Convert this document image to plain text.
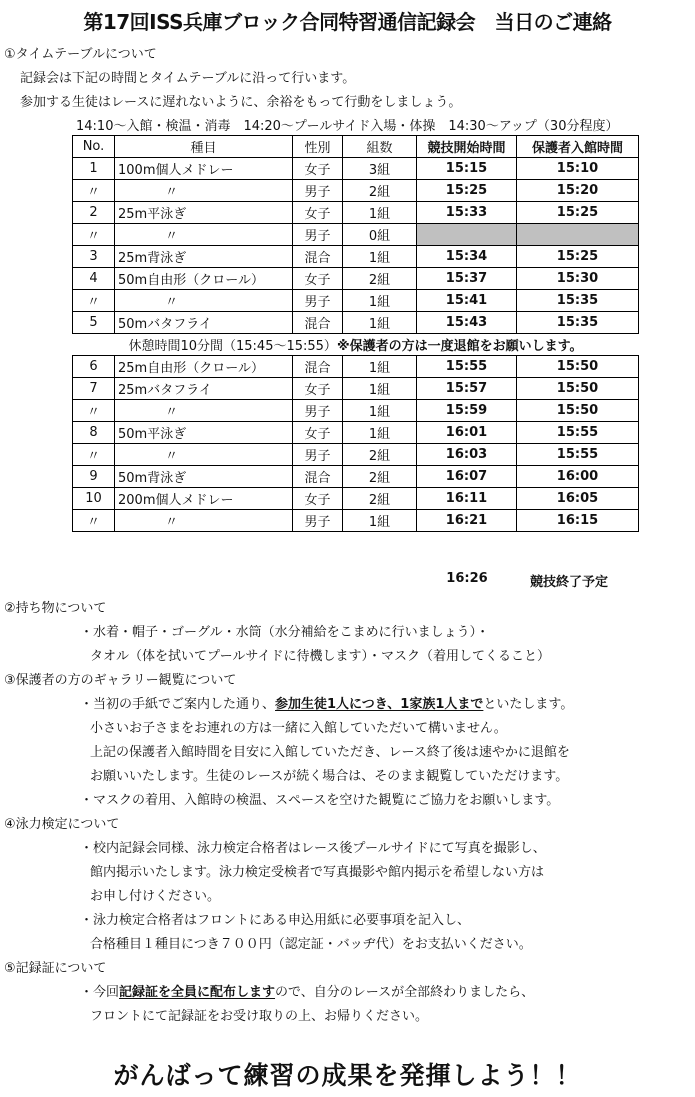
第17回ISS兵庫ブロック合同特習通信記録会　当日のご連絡
①タイムテーブルについて
記録会は下記の時間とタイムテーブルに沿って行います。
参加する生徒はレースに遅れないように、余裕をもって行動をしましょう。
14:10～入館・検温・消毒　14:20～プールサイド入場・体操　14:30～アップ（30分程度）
No.	種目	性別	組数	競技開始時間	保護者入館時間
1	100m個人メドレー	女子	3組	15:15	15:10
〃	〃	男子	2組	15:25	15:20
2	25m平泳ぎ	女子	1組	15:33	15:25
〃	〃	男子	0組		
3	25m背泳ぎ	混合	1組	15:34	15:25
4	50m自由形（クロール）	女子	2組	15:37	15:30
〃	〃	男子	1組	15:41	15:35
5	50mバタフライ	混合	1組	15:43	15:35
休憩時間10分間（15:45～15:55）※保護者の方は一度退館をお願いします。					
6	25m自由形（クロール）	混合	1組	15:55	15:50
7	25mバタフライ	女子	1組	15:57	15:50
〃	〃	男子	1組	15:59	15:50
8	50m平泳ぎ	女子	1組	16:01	15:55
〃	〃	男子	2組	16:03	15:55
9	50m背泳ぎ	混合	2組	16:07	16:00
10	200m個人メドレー	女子	2組	16:11	16:05
〃	〃	男子	1組	16:21	16:15
16:26	競技終了予定
②持ち物について
・水着・帽子・ゴーグル・水筒（水分補給をこまめに行いましょう）・
タオル（体を拭いてプールサイドに待機します）・マスク（着用してくること）
③保護者の方のギャラリー観覧について
・当初の手紙でご案内した通り、参加生徒1人につき、1家族1人までといたします。
小さいお子さまをお連れの方は一緒に入館していただいて構いません。
上記の保護者入館時間を目安に入館していただき、レース終了後は速やかに退館を
お願いいたします。生徒のレースが続く場合は、そのまま観覧していただけます。
・マスクの着用、入館時の検温、スペースを空けた観覧にご協力をお願いします。
④泳力検定について
・校内記録会同様、泳力検定合格者はレース後プールサイドにて写真を撮影し、
館内掲示いたします。泳力検定受検者で写真撮影や館内掲示を希望しない方は
お申し付けください。
・泳力検定合格者はフロントにある申込用紙に必要事項を記入し、
合格種目１種目につき７００円（認定証・バッヂ代）をお支払いください。
⑤記録証について
・今回記録証を全員に配布しますので、自分のレースが全部終わりましたら、
フロントにて記録証をお受け取りの上、お帰りください。
がんばって練習の成果を発揮しよう！！
